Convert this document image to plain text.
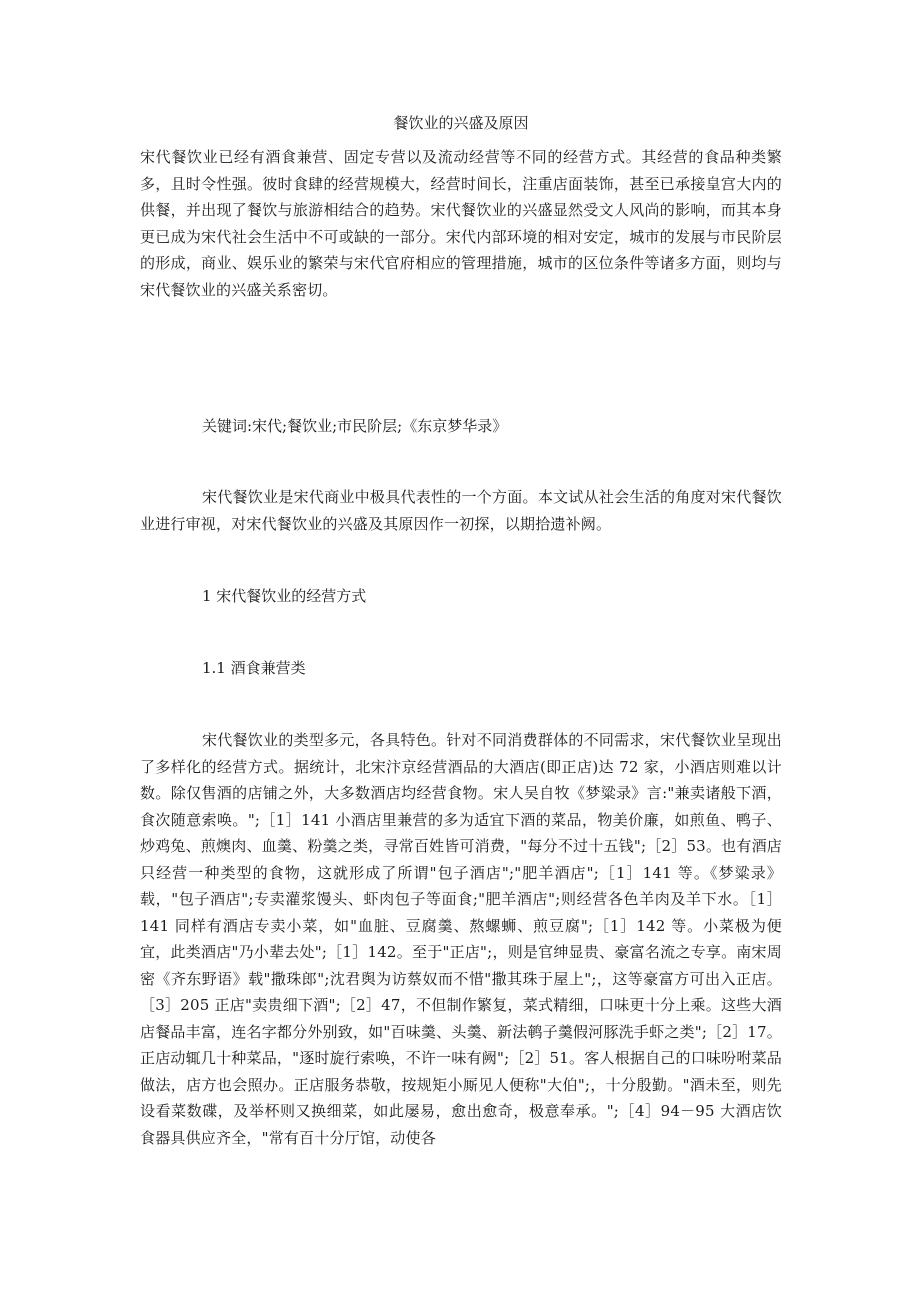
餐饮业的兴盛及原因

宋代餐饮业已经有酒食兼营、固定专营以及流动经营等不同的经营方式。其经营的食品种类繁多，且时令性强。彼时食肆的经营规模大，经营时间长，注重店面装饰，甚至已承接皇宫大内的供餐，并出现了餐饮与旅游相结合的趋势。宋代餐饮业的兴盛显然受文人风尚的影响，而其本身更已成为宋代社会生活中不可或缺的一部分。宋代内部环境的相对安定，城市的发展与市民阶层的形成，商业、娱乐业的繁荣与宋代官府相应的管理措施，城市的区位条件等诸多方面，则均与宋代餐饮业的兴盛关系密切。

关键词:宋代;餐饮业;市民阶层;《东京梦华录》

宋代餐饮业是宋代商业中极具代表性的一个方面。本文试从社会生活的角度对宋代餐饮业进行审视，对宋代餐饮业的兴盛及其原因作一初探，以期拾遗补阙。

1 宋代餐饮业的经营方式

1.1 酒食兼营类

宋代餐饮业的类型多元，各具特色。针对不同消费群体的不同需求，宋代餐饮业呈现出了多样化的经营方式。据统计，北宋汴京经营酒品的大酒店(即正店)达 72 家，小酒店则难以计数。除仅售酒的店铺之外，大多数酒店均经营食物。宋人吴自牧《梦粱录》言:"兼卖诸般下酒，食次随意索唤。";［1］141 小酒店里兼营的多为适宜下酒的菜品，物美价廉，如煎鱼、鸭子、炒鸡兔、煎燠肉、血羹、粉羹之类，寻常百姓皆可消费，"每分不过十五钱";［2］53。也有酒店只经营一种类型的食物，这就形成了所谓"包子酒店";"肥羊酒店";［1］141 等。《梦粱录》载，"包子酒店";专卖灌浆馒头、虾肉包子等面食;"肥羊酒店";则经营各色羊肉及羊下水。［1］141 同样有酒店专卖小菜，如"血脏、豆腐羹、熬螺蛳、煎豆腐";［1］142 等。小菜极为便宜，此类酒店"乃小辈去处";［1］142。至于"正店";，则是官绅显贵、豪富名流之专享。南宋周密《齐东野语》载"撒珠郎";沈君舆为访蔡奴而不惜"撒其珠于屋上";，这等豪富方可出入正店。［3］205 正店"卖贵细下酒";［2］47，不但制作繁复，菜式精细，口味更十分上乘。这些大酒店餐品丰富，连名字都分外别致，如"百味羹、头羹、新法鹌子羹假河豚洗手虾之类";［2］17。正店动辄几十种菜品，"逐时旋行索唤，不许一味有阙";［2］51。客人根据自己的口味吩咐菜品做法，店方也会照办。正店服务恭敬，按规矩小厮见人便称"大伯";，十分殷勤。"酒未至，则先设看菜数碟，及举杯则又换细菜，如此屡易，愈出愈奇，极意奉承。";［4］94－95 大酒店饮食器具供应齐全，"常有百十分厅馆，动使各
